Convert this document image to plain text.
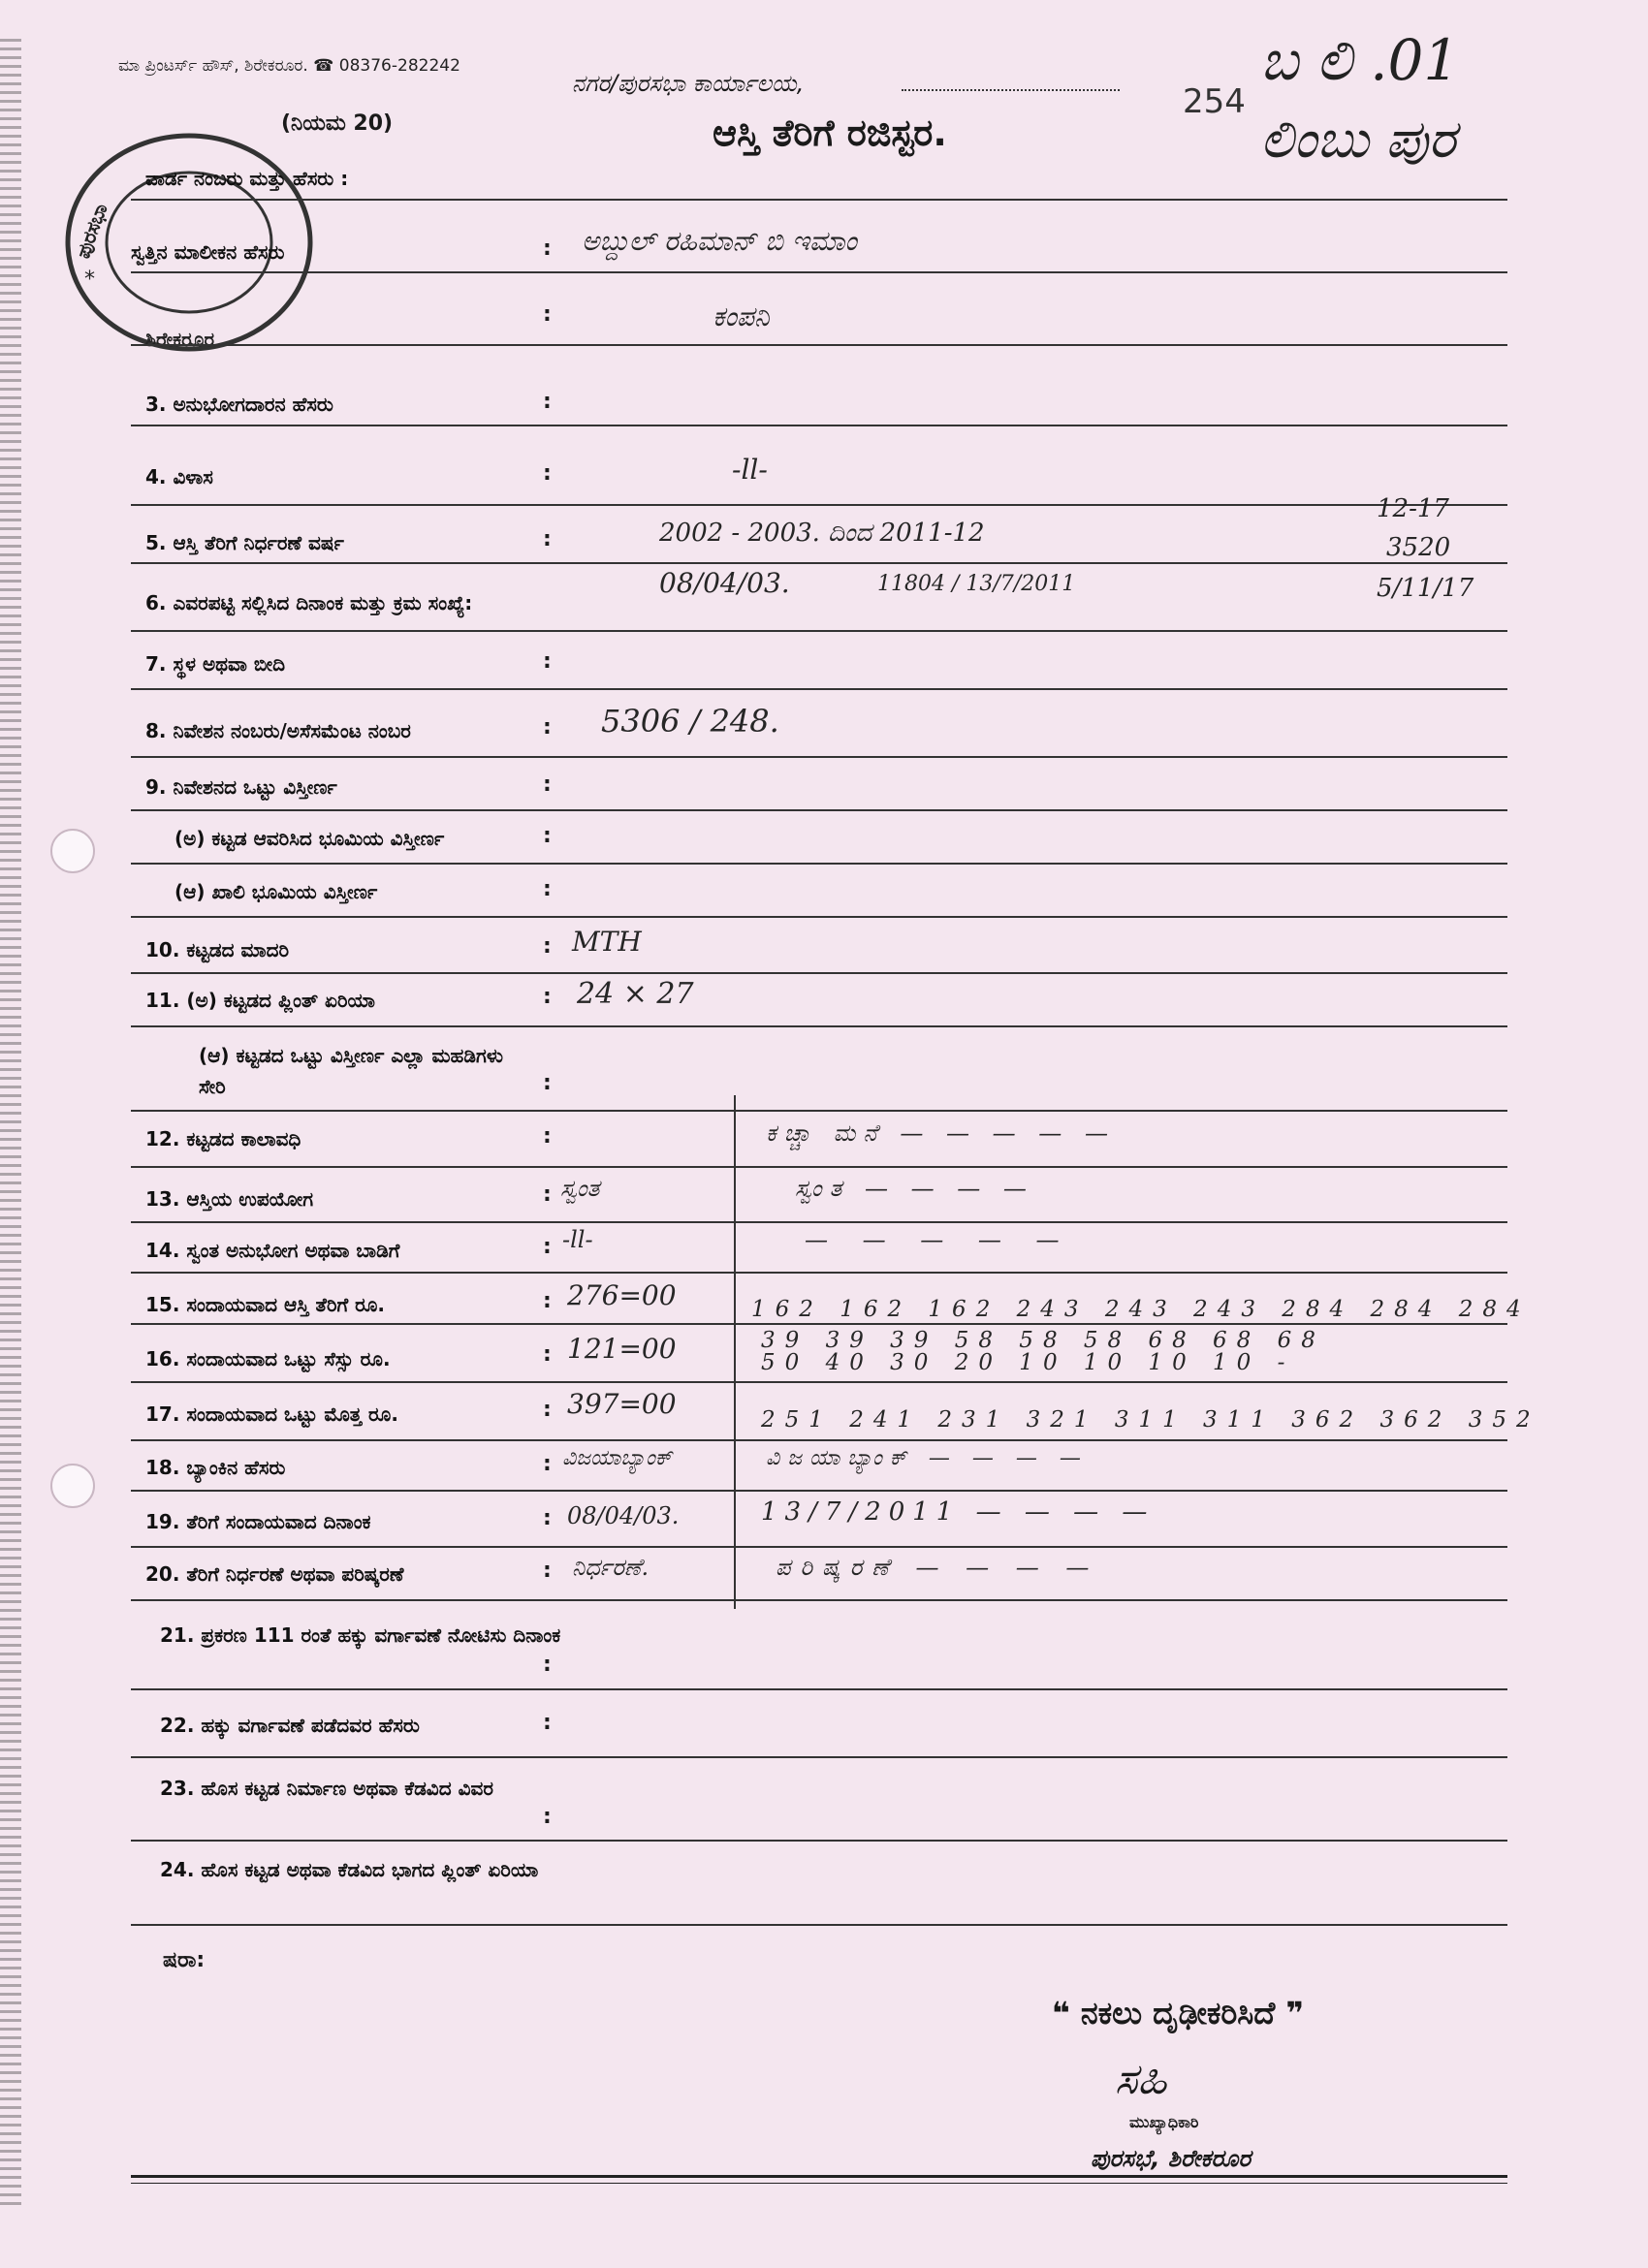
ಮಾ ಪ್ರಿಂಟರ್ಸ್ ಹೌಸ್, ಶಿರೇಕರೂರ. ☎ 08376-282242
ನಗರ/ಪುರಸಭಾ ಕಾರ್ಯಾಲಯ,
ಆಸ್ತಿ ತೆರಿಗೆ ರಜಿಸ್ಟರ.
(ನಿಯಮ 20)
254
ಬ ಲಿ .01
ಲಿಂಬು ಪುರ
ಪುರಸಭಾ
ಶಿರೇಕರೂರ
*
ವಾರ್ಡ ನಂಬರು ಮತ್ತು ಹೆಸರು :
ಸ್ವತ್ತಿನ ಮಾಲೀಕನ ಹೆಸರು	: ಅಬ್ದುಲ್ ರಹಿಮಾನ್ ಬಿ ಇಮಾಂ
:	ಕಂಪನಿ
3. ಅನುಭೋಗದಾರನ ಹೆಸರು	:
4. ವಿಳಾಸ	:	-ll-
5. ಆಸ್ತಿ ತೆರಿಗೆ ನಿರ್ಧರಣೆ ವರ್ಷ	:	2002 - 2003. ದಿಂದ 2011-12
6. ಎವರಪಟ್ಟಿ ಸಲ್ಲಿಸಿದ ದಿನಾಂಕ ಮತ್ತು ಕ್ರಮ ಸಂಖ್ಯೆ:
08/04/03.	11804 / 13/7/2011
12-17
3520
5/11/17
7. ಸ್ಥಳ ಅಥವಾ ಬೀದಿ	:
8. ನಿವೇಶನ ನಂಬರು/ಅಸೆಸಮೆಂಟ ನಂಬರ	: 5306 / 248.
9. ನಿವೇಶನದ ಒಟ್ಟು ವಿಸ್ತೀರ್ಣ	:
(ಅ) ಕಟ್ಟಡ ಆವರಿಸಿದ ಭೂಮಿಯ ವಿಸ್ತೀರ್ಣ	:
(ಆ) ಖಾಲಿ ಭೂಮಿಯ ವಿಸ್ತೀರ್ಣ	:
10. ಕಟ್ಟಡದ ಮಾದರಿ	: MTH
11. (ಅ) ಕಟ್ಟಡದ ಪ್ಲಿಂತ್ ಏರಿಯಾ	: 24 × 27
(ಆ) ಕಟ್ಟಡದ ಒಟ್ಟು ವಿಸ್ತೀರ್ಣ ಎಲ್ಲಾ ಮಹಡಿಗಳು ಸೇರಿ	:
12. ಕಟ್ಟಡದ ಕಾಲಾವಧಿ	:	ಕಚ್ಚಾ ಮನೆ — — — — —
13. ಆಸ್ತಿಯ ಉಪಯೋಗ	: ಸ್ವಂತ	ಸ್ವಂತ — — — —
14. ಸ್ವಂತ ಅನುಭೋಗ ಅಥವಾ ಬಾಡಿಗೆ	: -ll-	— — — — —
15. ಸಂದಾಯವಾದ ಆಸ್ತಿ ತೆರಿಗೆ ರೂ.	: 276=00	162 162 162 243 243 243 284 284 284
16. ಸಂದಾಯವಾದ ಒಟ್ಟು ಸೆಸ್ಸು ರೂ.	: 121=00	39 39 39 58 58 58 68 68 68
50 40 30 20 10 10 10 10 -
17. ಸಂದಾಯವಾದ ಒಟ್ಟು ಮೊತ್ತ ರೂ.	: 397=00	251 241 231 321 311 311 362 362 352
18. ಬ್ಯಾಂಕಿನ ಹೆಸರು	: ವಿಜಯಾಬ್ಯಾಂಕ್	ವಿಜಯಾಬ್ಯಾಂಕ್ — — — —
19. ತೆರಿಗೆ ಸಂದಾಯವಾದ ದಿನಾಂಕ	: 08/04/03.	13/7/2011 — — — —
20. ತೆರಿಗೆ ನಿರ್ಧರಣೆ ಅಥವಾ ಪರಿಷ್ಕರಣೆ	: ನಿರ್ಧರಣೆ.	ಪರಿಷ್ಕರಣೆ — — — —
21. ಪ್ರಕರಣ 111 ರಂತೆ ಹಕ್ಕು ವರ್ಗಾವಣೆ ನೋಟಿಸು ದಿನಾಂಕ
:
22. ಹಕ್ಕು ವರ್ಗಾವಣೆ ಪಡೆದವರ ಹೆಸರು	:
23. ಹೊಸ ಕಟ್ಟಡ ನಿರ್ಮಾಣ ಅಥವಾ ಕೆಡವಿದ ವಿವರ
:
24. ಹೊಸ ಕಟ್ಟಡ ಅಥವಾ ಕೆಡವಿದ ಭಾಗದ ಪ್ಲಿಂತ್ ಏರಿಯಾ
ಷರಾ:
❝ ನಕಲು ದೃಢೀಕರಿಸಿದೆ ❞
ಸಹಿ
ಮುಖ್ಯಾಧಿಕಾರಿ
ಪುರಸಭೆ, ಶಿರೇಕರೂರ
